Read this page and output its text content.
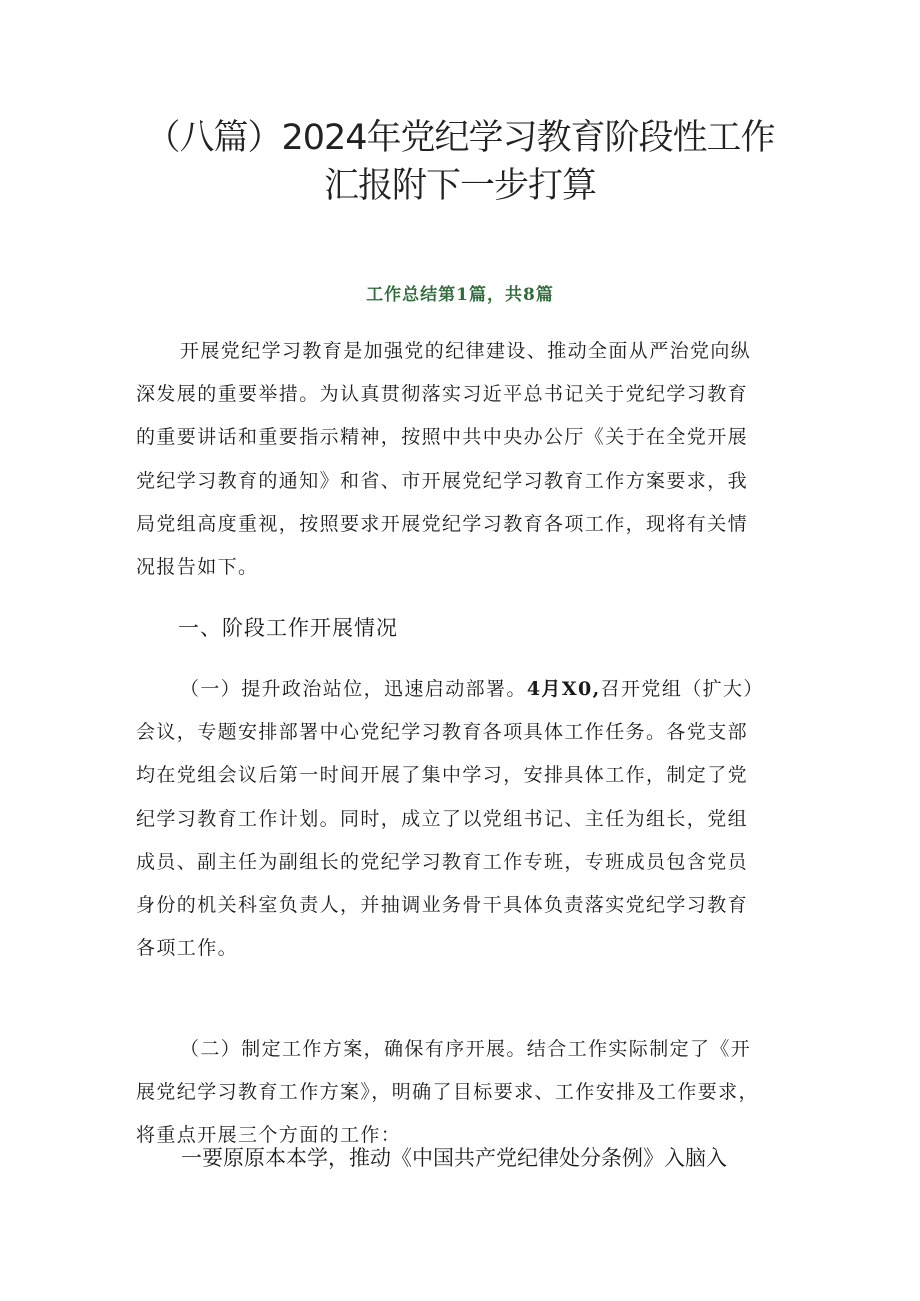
（八篇）2024年党纪学习教育阶段性工作
汇报附下一步打算
工作总结第1篇，共8篇

开展党纪学习教育是加强党的纪律建设、推动全面从严治党向纵
深发展的重要举措。为认真贯彻落实习近平总书记关于党纪学习教育
的重要讲话和重要指示精神，按照中共中央办公厅《关于在全党开展
党纪学习教育的通知》和省、市开展党纪学习教育工作方案要求，我
局党组高度重视，按照要求开展党纪学习教育各项工作，现将有关情
况报告如下。

一、阶段工作开展情况

（一）提升政治站位，迅速启动部署。4月X0,召开党组（扩大）
会议，专题安排部署中心党纪学习教育各项具体工作任务。各党支部
均在党组会议后第一时间开展了集中学习，安排具体工作，制定了党
纪学习教育工作计划。同时，成立了以党组书记、主任为组长，党组
成员、副主任为副组长的党纪学习教育工作专班，专班成员包含党员
身份的机关科室负责人，并抽调业务骨干具体负责落实党纪学习教育
各项工作。

（二）制定工作方案，确保有序开展。结合工作实际制定了《开
展党纪学习教育工作方案》，明确了目标要求、工作安排及工作要求，
将重点开展三个方面的工作：

一要原原本本学，推动《中国共产党纪律处分条例》入脑入
